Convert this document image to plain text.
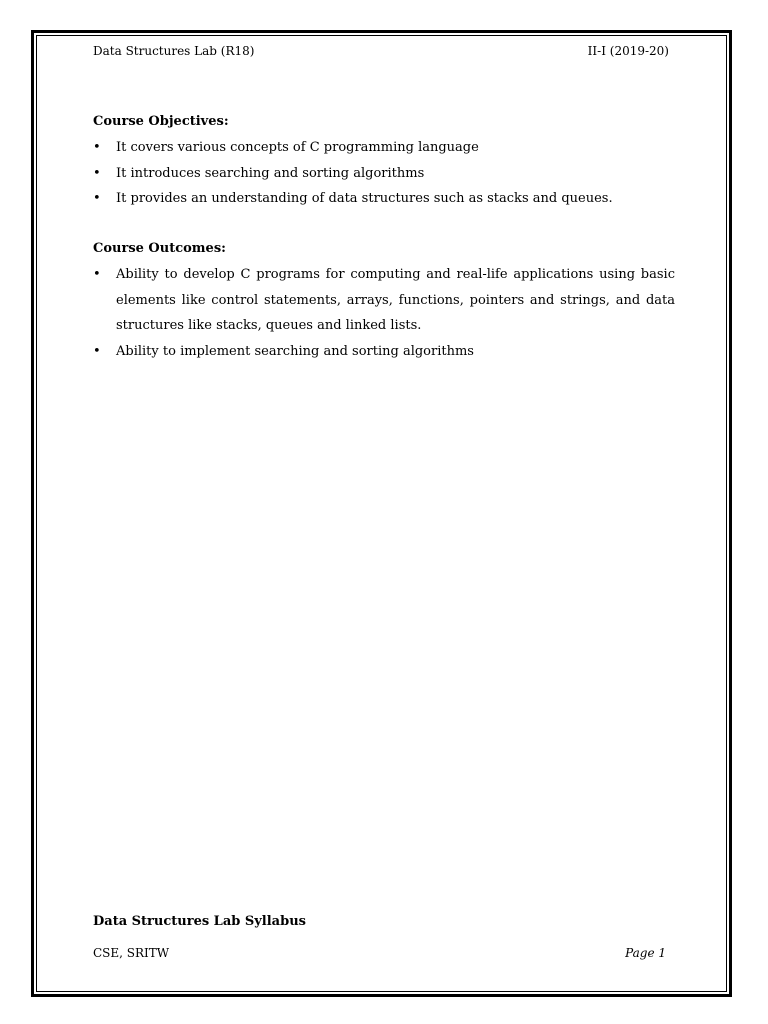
Data Structures Lab (R18)	II-I (2019-20)
Course Objectives:
• It covers various concepts of C programming language
• It introduces searching and sorting algorithms
• It provides an understanding of data structures such as stacks and queues.
Course Outcomes:
• Ability to develop C programs for computing and real-life applications using basic elements like control statements, arrays, functions, pointers and strings, and data structures like stacks, queues and linked lists.
• Ability to implement searching and sorting algorithms
Data Structures Lab Syllabus
CSE, SRITW	Page 1
